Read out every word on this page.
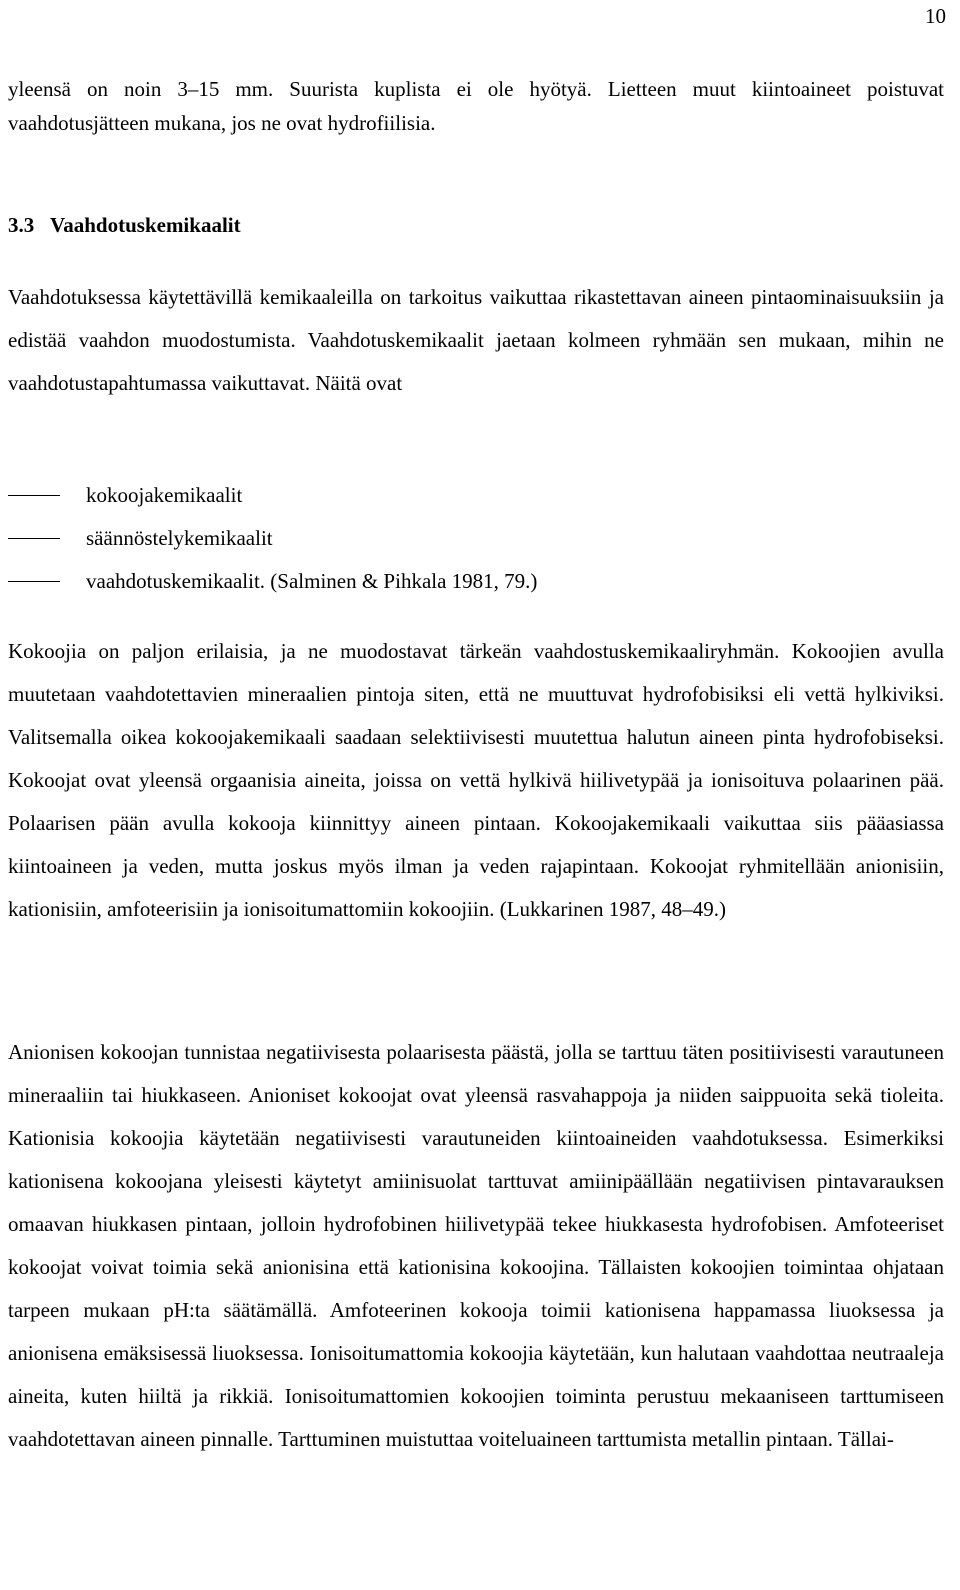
10

yleensä on noin 3–15 mm. Suurista kuplista ei ole hyötyä. Lietteen muut kiintoaineet poistuvat vaahdotusjätteen mukana, jos ne ovat hydrofiilisia.

3.3 Vaahdotuskemikaalit

Vaahdotuksessa käytettävillä kemikaaleilla on tarkoitus vaikuttaa rikastettavan aineen pintaominaisuuksiin ja edistää vaahdon muodostumista. Vaahdotuskemikaalit jaetaan kolmeen ryhmään sen mukaan, mihin ne vaahdotustapahtumassa vaikuttavat. Näitä ovat

kokoojakemikaalit
säännöstelykemikaalit
vaahdotuskemikaalit. (Salminen & Pihkala 1981, 79.)

Kokoojia on paljon erilaisia, ja ne muodostavat tärkeän vaahdostuskemikaaliryhmän. Kokoojien avulla muutetaan vaahdotettavien mineraalien pintoja siten, että ne muuttuvat hydrofobisiksi eli vettä hylkiviksi. Valitsemalla oikea kokoojakemikaali saadaan selektiivisesti muutettua halutun aineen pinta hydrofobiseksi. Kokoojat ovat yleensä orgaanisia aineita, joissa on vettä hylkivä hiilivetypää ja ionisoituva polaarinen pää. Polaarisen pään avulla kokooja kiinnittyy aineen pintaan. Kokoojakemikaali vaikuttaa siis pääasiassa kiintoaineen ja veden, mutta joskus myös ilman ja veden rajapintaan. Kokoojat ryhmitellään anionisiin, kationisiin, amfoteerisiin ja ionisoitumattomiin kokoojiin. (Lukkarinen 1987, 48–49.)

Anionisen kokoojan tunnistaa negatiivisesta polaarisesta päästä, jolla se tarttuu täten positiivisesti varautuneen mineraaliin tai hiukkaseen. Anioniset kokoojat ovat yleensä rasvahappoja ja niiden saippuoita sekä tioleita. Kationisia kokoojia käytetään negatiivisesti varautuneiden kiintoaineiden vaahdotuksessa. Esimerkiksi kationisena kokoojana yleisesti käytetyt amiinisuolat tarttuvat amiinipäällään negatiivisen pintavarauksen omaavan hiukkasen pintaan, jolloin hydrofobinen hiilivetypää tekee hiukkasesta hydrofobisen. Amfoteeriset kokoojat voivat toimia sekä anionisina että kationisina kokoojina. Tällaisten kokoojien toimintaa ohjataan tarpeen mukaan pH:ta säätämällä. Amfoteerinen kokooja toimii kationisena happamassa liuoksessa ja anionisena emäksisessä liuoksessa. Ionisoitumattomia kokoojia käytetään, kun halutaan vaahdottaa neutraaleja aineita, kuten hiiltä ja rikkiä. Ionisoitumattomien kokoojien toiminta perustuu mekaaniseen tarttumiseen vaahdotettavan aineen pinnalle. Tarttuminen muistuttaa voiteluaineen tarttumista metallin pintaan. Tällai-
